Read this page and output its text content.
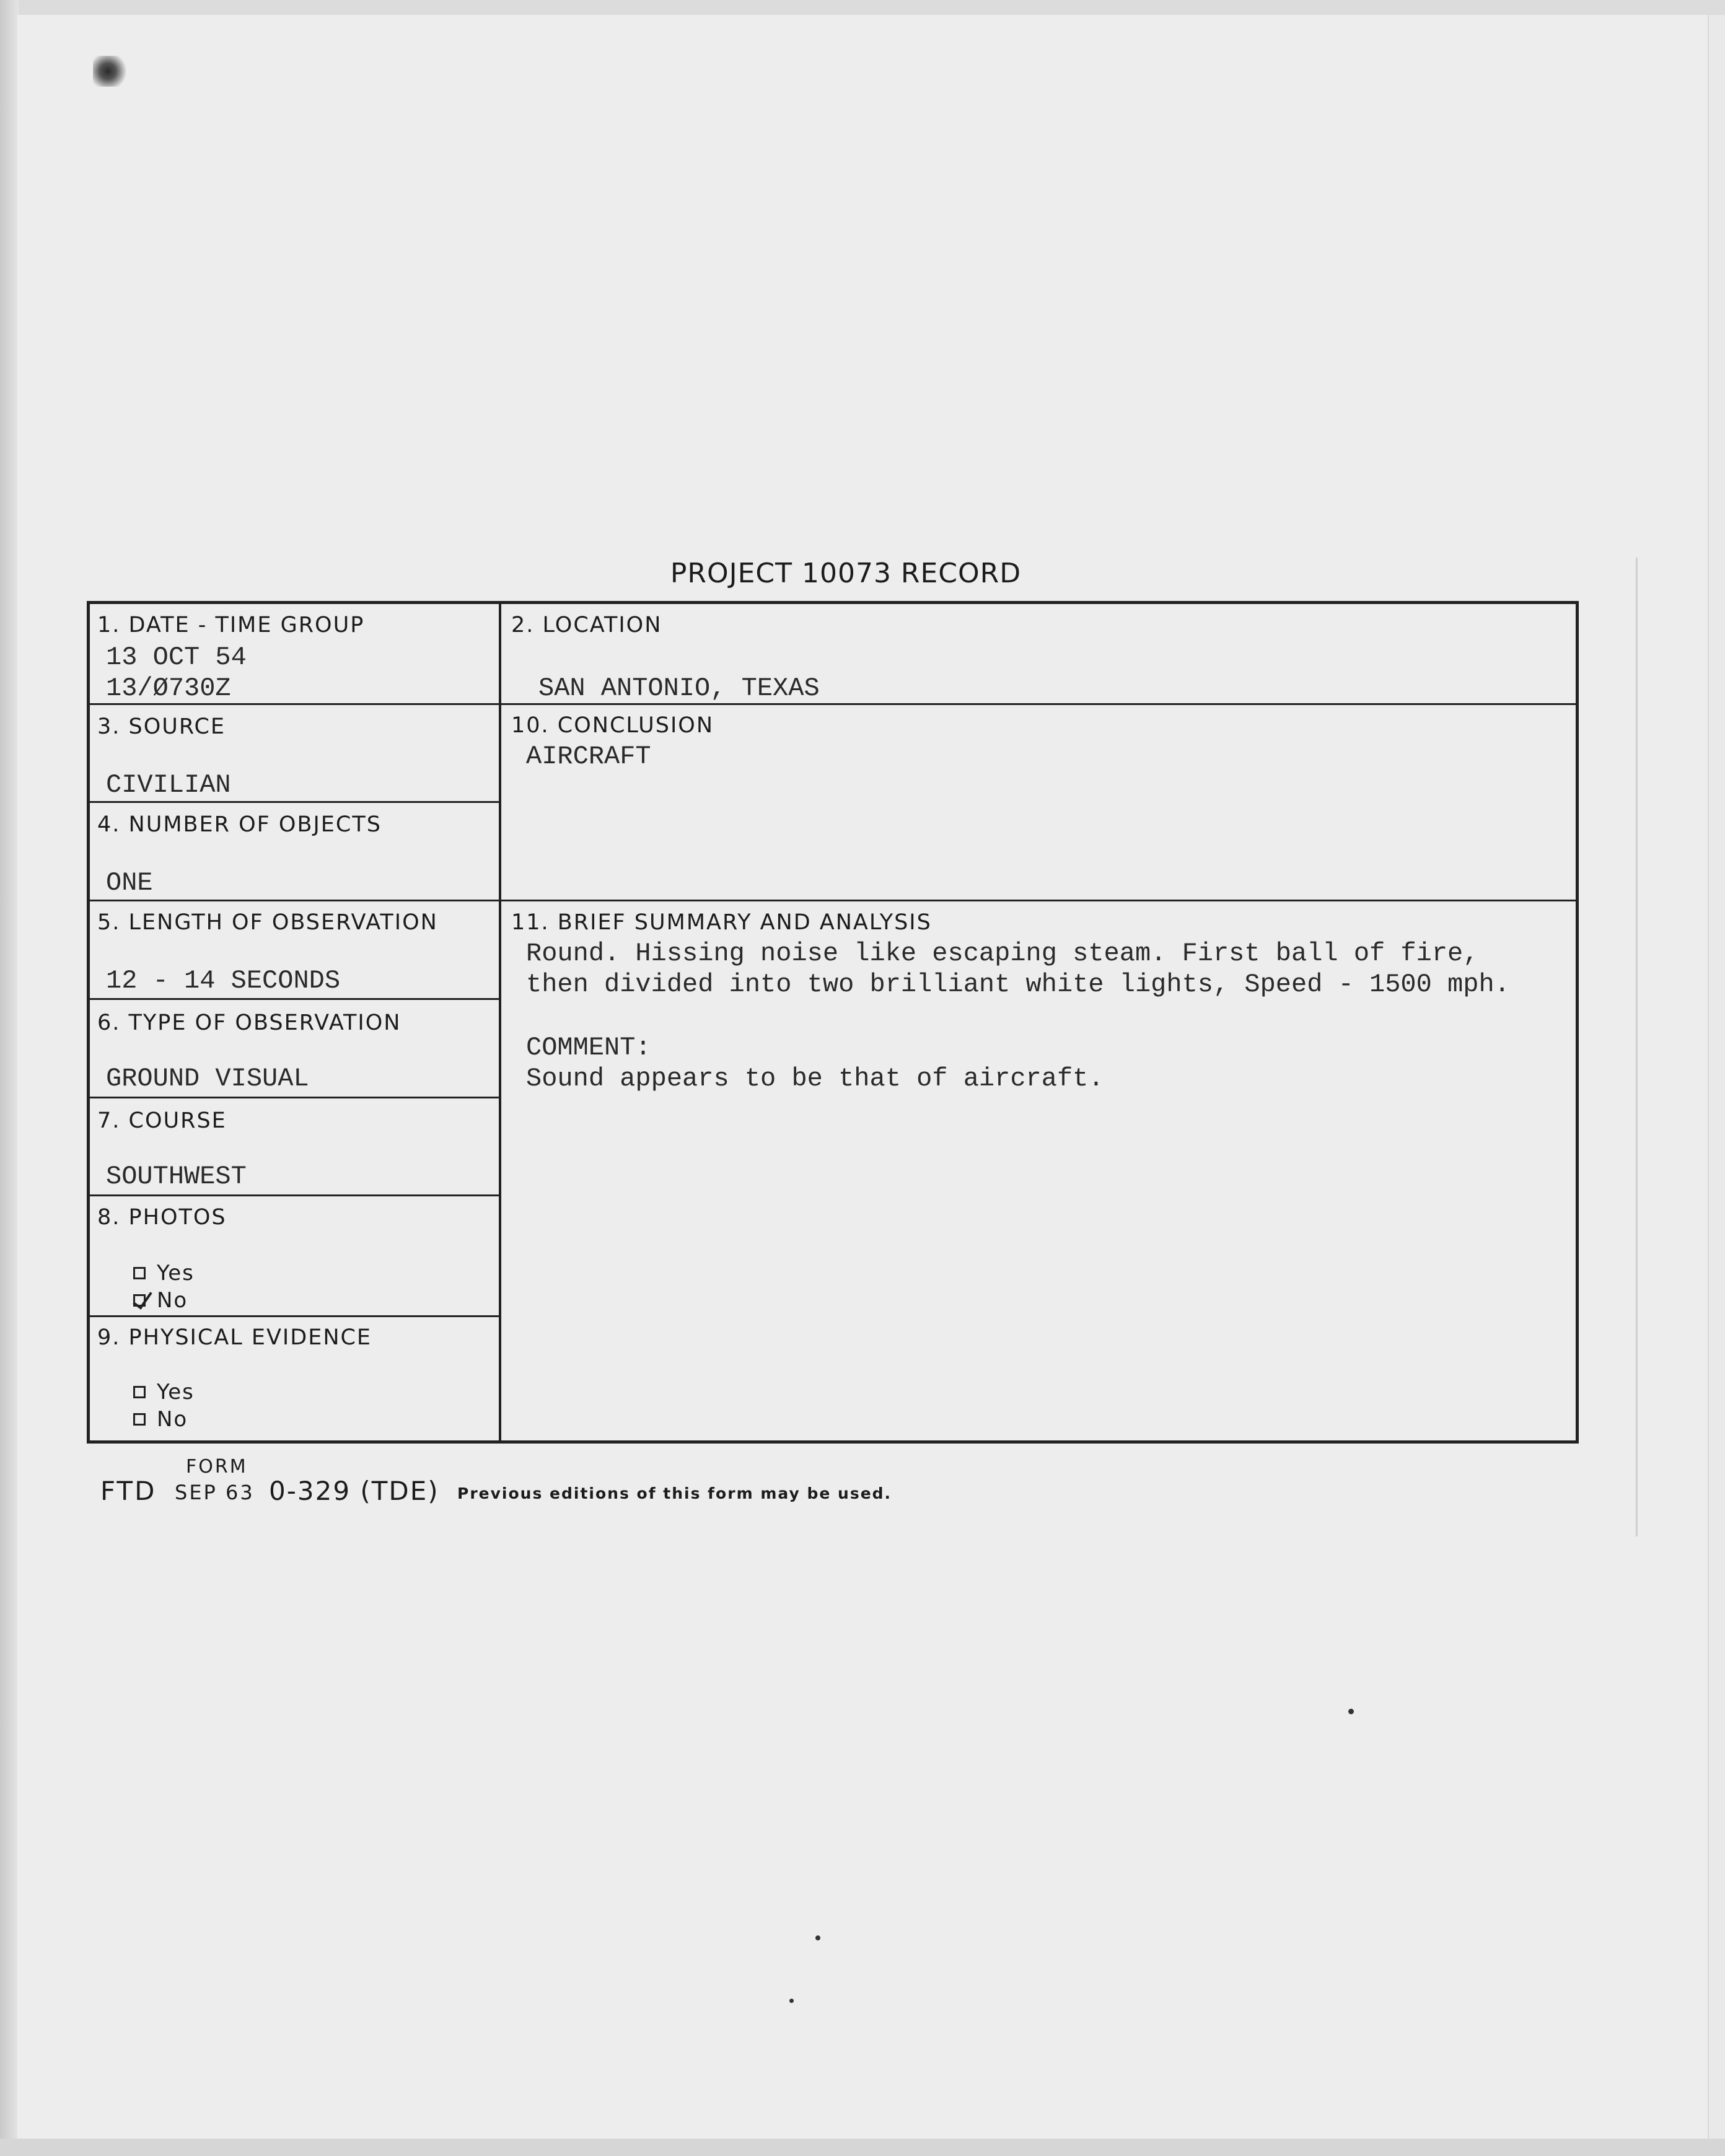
PROJECT 10073 RECORD
1. DATE - TIME GROUP
13 OCT 54
13/Ø730Z
2. LOCATION
SAN ANTONIO, TEXAS
3. SOURCE
CIVILIAN
4. NUMBER OF OBJECTS
ONE
5. LENGTH OF OBSERVATION
12 - 14 SECONDS
6. TYPE OF OBSERVATION
GROUND VISUAL
7. COURSE
SOUTHWEST
8. PHOTOS
Yes
No
9. PHYSICAL EVIDENCE
Yes
No
10. CONCLUSION
AIRCRAFT
11. BRIEF SUMMARY AND ANALYSIS
Round. Hissing noise like escaping steam. First ball of fire,
then divided into two brilliant white lights, Speed - 1500 mph.
COMMENT:
Sound appears to be that of aircraft.
FORM
FTD SEP 63 0-329 (TDE) Previous editions of this form may be used.
